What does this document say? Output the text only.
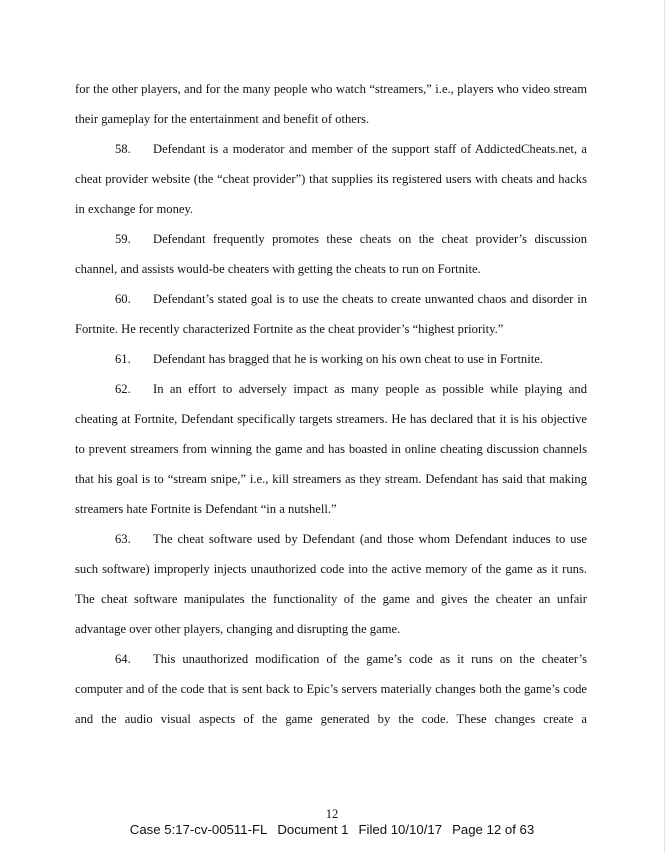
for the other players, and for the many people who watch “streamers,” i.e., players who video stream their gameplay for the entertainment and benefit of others.

58. Defendant is a moderator and member of the support staff of AddictedCheats.net, a cheat provider website (the “cheat provider”) that supplies its registered users with cheats and hacks in exchange for money.

59. Defendant frequently promotes these cheats on the cheat provider’s discussion channel, and assists would-be cheaters with getting the cheats to run on Fortnite.

60. Defendant’s stated goal is to use the cheats to create unwanted chaos and disorder in Fortnite. He recently characterized Fortnite as the cheat provider’s “highest priority.”

61. Defendant has bragged that he is working on his own cheat to use in Fortnite.

62. In an effort to adversely impact as many people as possible while playing and cheating at Fortnite, Defendant specifically targets streamers. He has declared that it is his objective to prevent streamers from winning the game and has boasted in online cheating discussion channels that his goal is to “stream snipe,” i.e., kill streamers as they stream. Defendant has said that making streamers hate Fortnite is Defendant “in a nutshell.”

63. The cheat software used by Defendant (and those whom Defendant induces to use such software) improperly injects unauthorized code into the active memory of the game as it runs. The cheat software manipulates the functionality of the game and gives the cheater an unfair advantage over other players, changing and disrupting the game.

64. This unauthorized modification of the game’s code as it runs on the cheater’s computer and of the code that is sent back to Epic’s servers materially changes both the game’s code and the audio visual aspects of the game generated by the code. These changes create a

12
Case 5:17-cv-00511-FL Document 1 Filed 10/10/17 Page 12 of 63
